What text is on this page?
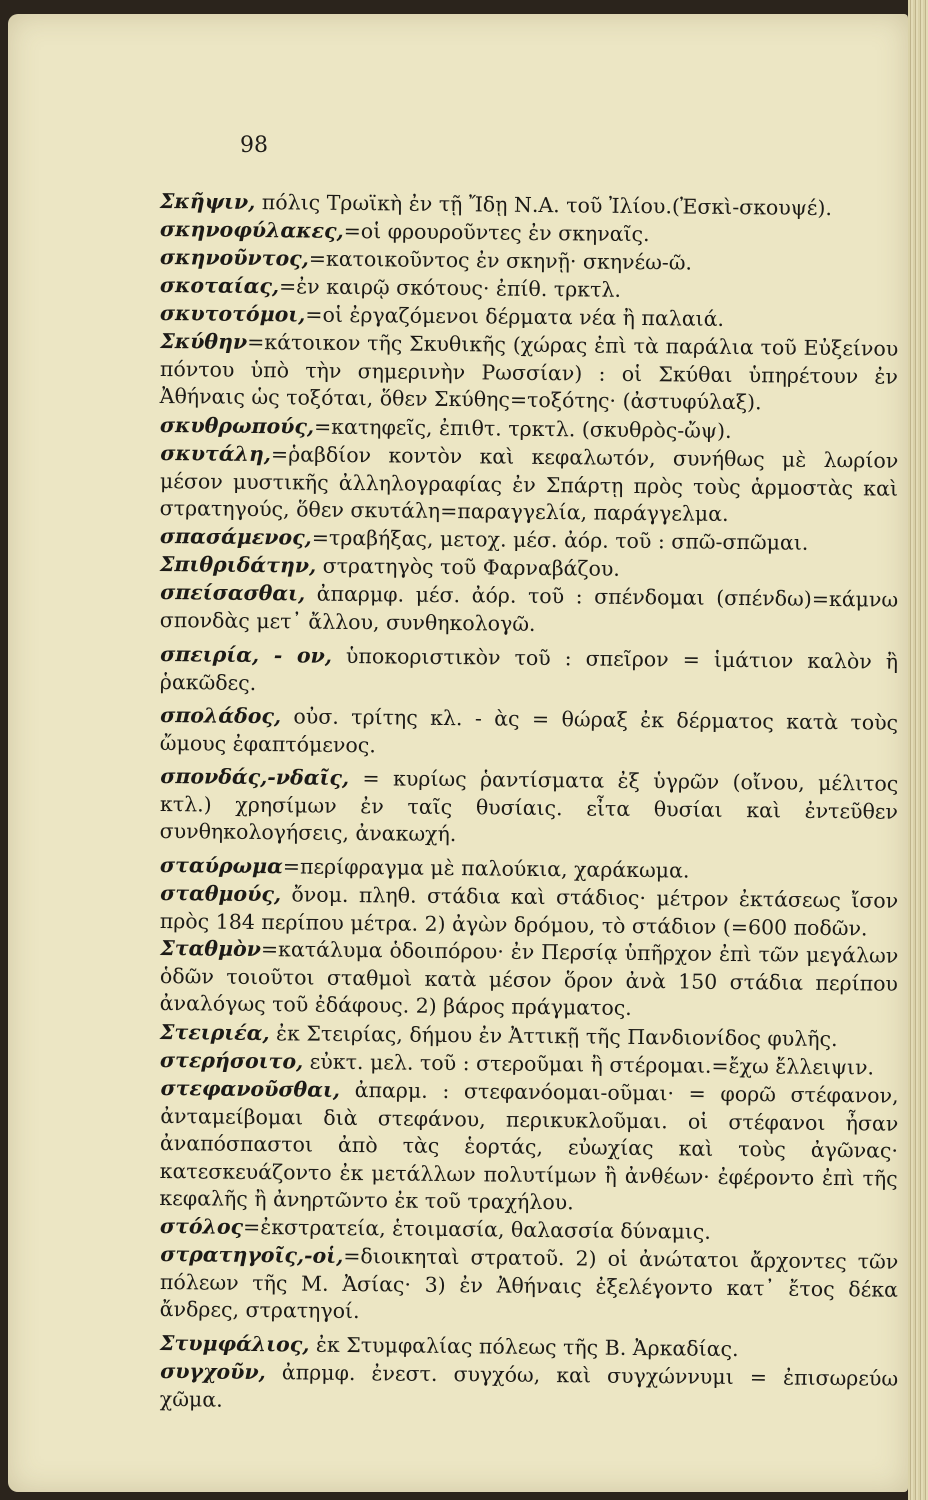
98

Σκῆψιν, πόλις Τρωϊκὴ ἐν τῇ Ἴδῃ Ν.Α. τοῦ Ἰλίου.(Ἐσκὶ-σκουψέ).

σκηνοφύλακες,=οἱ φρουροῦντες ἐν σκηναῖς.

σκηνοῦντος,=κατοικοῦντος ἐν σκηνῇ· σκηνέω-ῶ.

σκοταίας,=ἐν καιρῷ σκότους· ἐπίθ. τρκτλ.

σκυτοτόμοι,=οἱ ἐργαζόμενοι δέρματα νέα ἢ παλαιά.

Σκύθην=κάτοικον τῆς Σκυθικῆς (χώρας ἐπὶ τὰ παράλια τοῦ Εὐξείνου πόντου ὑπὸ τὴν σημερινὴν Ρωσσίαν) : οἱ Σκύθαι ὑπηρέτουν ἐν Ἀθήναις ὡς τοξόται, ὅθεν Σκύθης=τοξότης· (ἀστυφύλαξ).

σκυθρωπούς,=κατηφεῖς, ἐπιθτ. τρκτλ. (σκυθρὸς-ὤψ).

σκυτάλη,=ῥαβδίον κοντὸν καὶ κεφαλωτόν, συνήθως μὲ λωρίον μέσον μυστικῆς ἀλληλογραφίας ἐν Σπάρτῃ πρὸς τοὺς ἁρμοστὰς καὶ στρατηγούς, ὅθεν σκυτάλη=παραγγελία, παράγγελμα.

σπασάμενος,=τραβήξας, μετοχ. μέσ. ἀόρ. τοῦ : σπῶ-σπῶμαι.

Σπιθριδάτην, στρατηγὸς τοῦ Φαρναβάζου.

σπείσασθαι, ἀπαρμφ. μέσ. ἀόρ. τοῦ : σπένδομαι (σπένδω)=κάμνω σπονδὰς μετ᾽ ἄλλου, συνθηκολογῶ.

σπειρία, - ον, ὑποκοριστικὸν τοῦ : σπεῖρον = ἱμάτιον καλὸν ἢ ῥακῶδες.

σπολάδος, οὐσ. τρίτης κλ. - ὰς = θώραξ ἐκ δέρματος κατὰ τοὺς ὤμους ἐφαπτόμενος.

σπονδάς,-νδαῖς, = κυρίως ῥαντίσματα ἐξ ὑγρῶν (οἴνου, μέλιτος κτλ.) χρησίμων ἐν ταῖς θυσίαις. εἶτα θυσίαι καὶ ἐντεῦθεν συνθηκολογήσεις, ἀνακωχή.

σταύρωμα=περίφραγμα μὲ παλούκια, χαράκωμα.

σταθμούς, ὄνομ. πληθ. στάδια καὶ στάδιος· μέτρον ἐκτάσεως ἴσον πρὸς 184 περίπου μέτρα. 2) ἀγὼν δρόμου, τὸ στάδιον (=600 ποδῶν.

Σταθμὸν=κατάλυμα ὁδοιπόρου· ἐν Περσίᾳ ὑπῆρχον ἐπὶ τῶν μεγάλων ὁδῶν τοιοῦτοι σταθμοὶ κατὰ μέσον ὅρον ἀνὰ 150 στάδια περίπου ἀναλόγως τοῦ ἐδάφους. 2) βάρος πράγματος.

Στειριέα, ἐκ Στειρίας, δήμου ἐν Ἀττικῇ τῆς Πανδιονίδος φυλῆς.

στερήσοιτο, εὐκτ. μελ. τοῦ : στεροῦμαι ἢ στέρομαι.=ἔχω ἔλλειψιν.

στεφανοῦσθαι, ἀπαρμ. : στεφανόομαι-οῦμαι· = φορῶ στέφανον, ἀνταμείβομαι διὰ στεφάνου, περικυκλοῦμαι. οἱ στέφανοι ἦσαν ἀναπόσπαστοι ἀπὸ τὰς ἑορτάς, εὐωχίας καὶ τοὺς ἀγῶνας· κατεσκευάζοντο ἐκ μετάλλων πολυτίμων ἢ ἀνθέων· ἐφέροντο ἐπὶ τῆς κεφαλῆς ἢ ἀνηρτῶντο ἐκ τοῦ τραχήλου.

στόλος=ἐκστρατεία, ἑτοιμασία, θαλασσία δύναμις.

στρατηγοῖς,-οἱ,=διοικηταὶ στρατοῦ. 2) οἱ ἀνώτατοι ἄρχοντες τῶν πόλεων τῆς Μ. Ἀσίας· 3) ἐν Ἀθήναις ἐξελέγοντο κατ᾽ ἔτος δέκα ἄνδρες, στρατηγοί.

Στυμφάλιος, ἐκ Στυμφαλίας πόλεως τῆς Β. Ἀρκαδίας.

συγχοῦν, ἀπρμφ. ἐνεστ. συγχόω, καὶ συγχώννυμι = ἐπισωρεύω χῶμα.
